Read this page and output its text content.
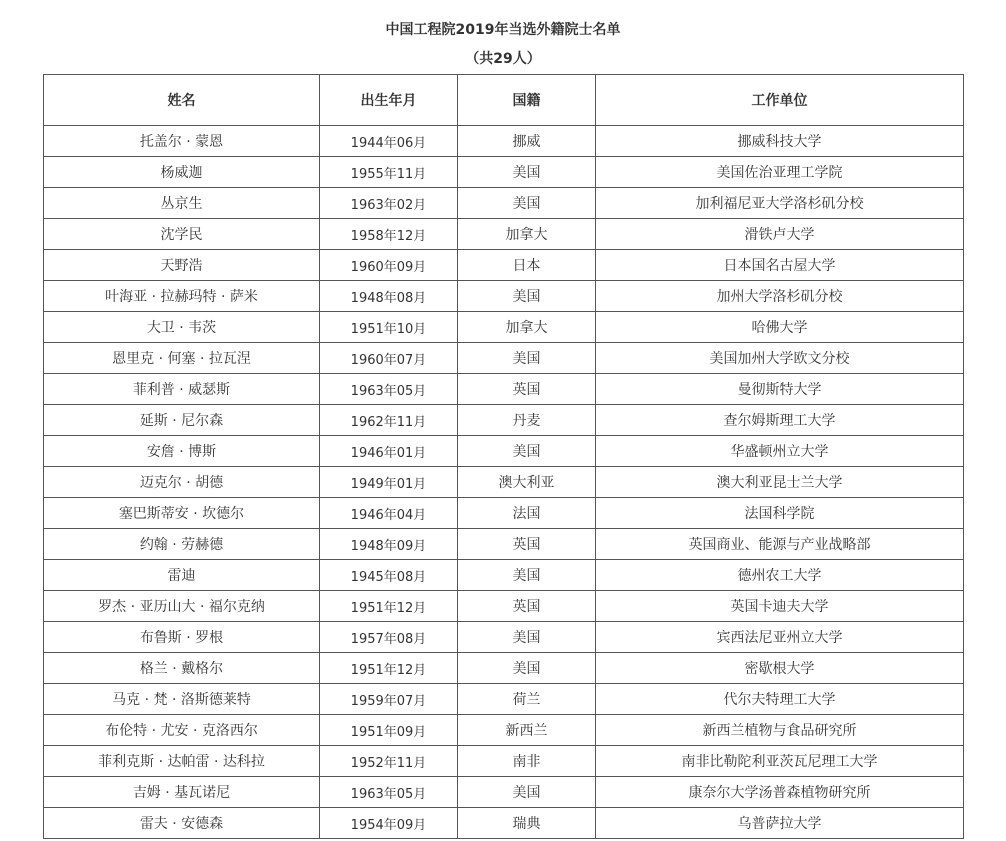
中国工程院2019年当选外籍院士名单
（共29人）
姓名	出生年月	国籍	工作单位
托盖尔 · 蒙恩	1944年06月	挪威	挪威科技大学
杨威迦	1955年11月	美国	美国佐治亚理工学院
丛京生	1963年02月	美国	加利福尼亚大学洛杉矶分校
沈学民	1958年12月	加拿大	滑铁卢大学
天野浩	1960年09月	日本	日本国名古屋大学
叶海亚 · 拉赫玛特 · 萨米	1948年08月	美国	加州大学洛杉矶分校
大卫 · 韦茨	1951年10月	加拿大	哈佛大学
恩里克 · 何塞 · 拉瓦涅	1960年07月	美国	美国加州大学欧文分校
菲利普 · 威瑟斯	1963年05月	英国	曼彻斯特大学
延斯 · 尼尔森	1962年11月	丹麦	查尔姆斯理工大学
安詹 · 博斯	1946年01月	美国	华盛顿州立大学
迈克尔 · 胡德	1949年01月	澳大利亚	澳大利亚昆士兰大学
塞巴斯蒂安 · 坎德尔	1946年04月	法国	法国科学院
约翰 · 劳赫德	1948年09月	英国	英国商业、能源与产业战略部
雷迪	1945年08月	美国	德州农工大学
罗杰 · 亚历山大 · 福尔克纳	1951年12月	英国	英国卡迪夫大学
布鲁斯 · 罗根	1957年08月	美国	宾西法尼亚州立大学
格兰 · 戴格尔	1951年12月	美国	密歇根大学
马克 · 梵 · 洛斯德莱特	1959年07月	荷兰	代尔夫特理工大学
布伦特 · 尤安 · 克洛西尔	1951年09月	新西兰	新西兰植物与食品研究所
菲利克斯 · 达帕雷 · 达科拉	1952年11月	南非	南非比勒陀利亚茨瓦尼理工大学
吉姆 · 基瓦诺尼	1963年05月	美国	康奈尔大学汤普森植物研究所
雷夫 · 安德森	1954年09月	瑞典	乌普萨拉大学
